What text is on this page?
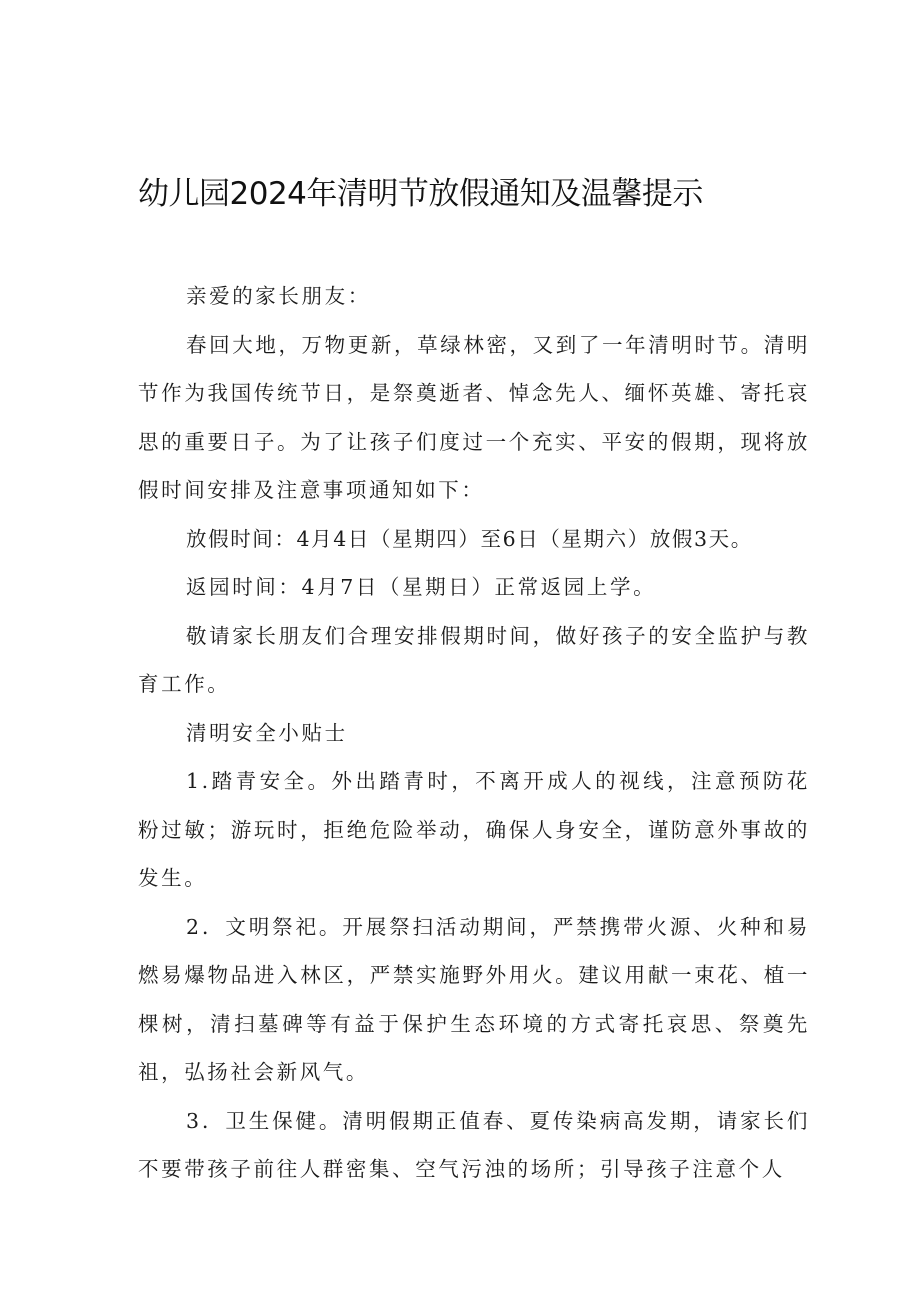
幼儿园2024年清明节放假通知及温馨提示

亲爱的家长朋友：

春回大地，万物更新，草绿林密，又到了一年清明时节。清明节作为我国传统节日，是祭奠逝者、悼念先人、缅怀英雄、寄托哀思的重要日子。为了让孩子们度过一个充实、平安的假期，现将放假时间安排及注意事项通知如下：

放假时间：4月4日（星期四）至6日（星期六）放假3天。

返园时间：4月7日（星期日）正常返园上学。

敬请家长朋友们合理安排假期时间，做好孩子的安全监护与教育工作。

清明安全小贴士

1.踏青安全。外出踏青时，不离开成人的视线，注意预防花粉过敏；游玩时，拒绝危险举动，确保人身安全，谨防意外事故的发生。

2．文明祭祀。开展祭扫活动期间，严禁携带火源、火种和易燃易爆物品进入林区，严禁实施野外用火。建议用献一束花、植一棵树，清扫墓碑等有益于保护生态环境的方式寄托哀思、祭奠先祖，弘扬社会新风气。

3．卫生保健。清明假期正值春、夏传染病高发期，请家长们不要带孩子前往人群密集、空气污浊的场所；引导孩子注意个人
